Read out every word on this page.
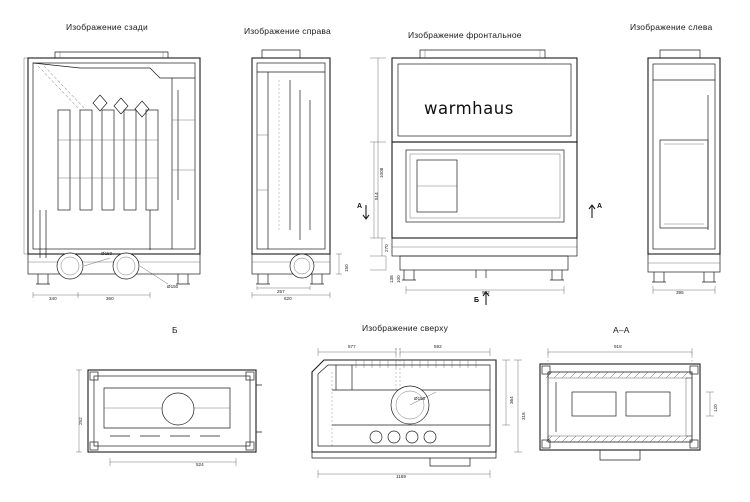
Изображение сзади	Изображение справа	Изображение фронтальное
Изображение слева
Изображение сверху
Б	А–А
warmhaus
А	А
Б
340	360
Ø150
Ø150
620
257
150
902
1008
514
270
138 100
395
524
252
577	592
1169
316
364
Ø150
918
120
